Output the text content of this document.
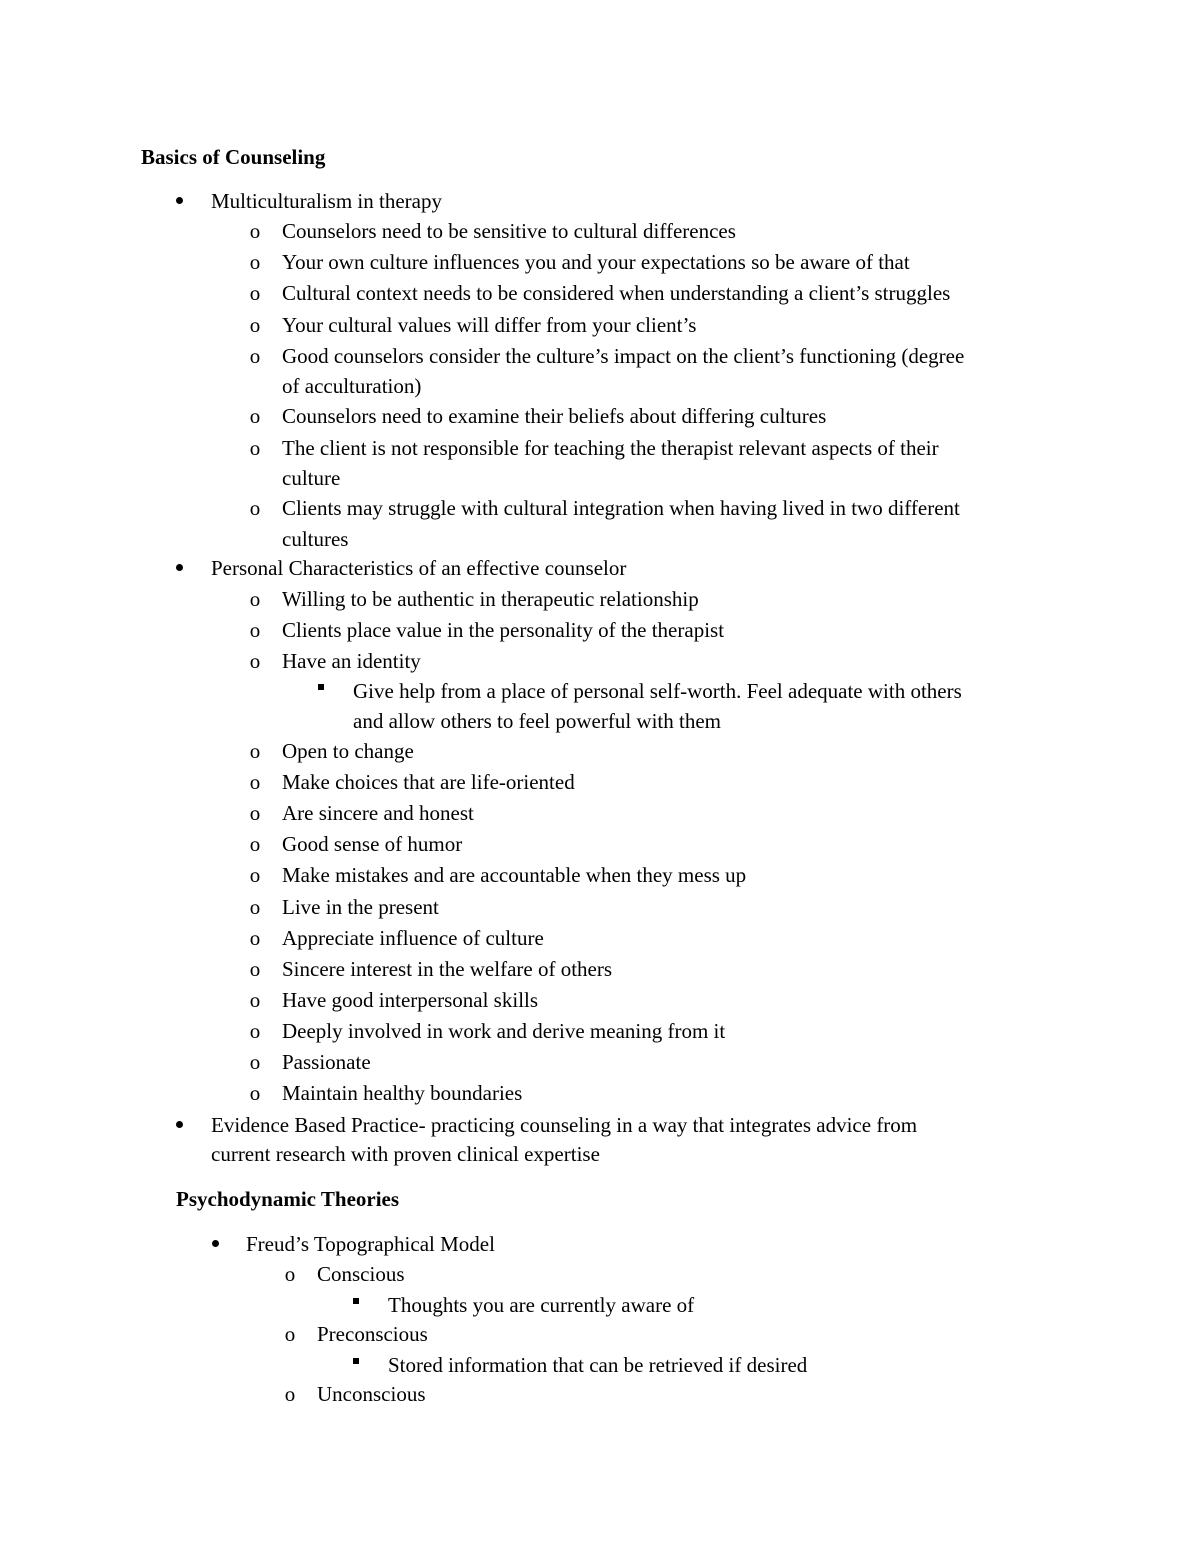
Basics of Counseling
Multiculturalism in therapy
o Counselors need to be sensitive to cultural differences
o Your own culture influences you and your expectations so be aware of that
o Cultural context needs to be considered when understanding a client’s struggles
o Your cultural values will differ from your client’s
o Good counselors consider the culture’s impact on the client’s functioning (degree
of acculturation)
o Counselors need to examine their beliefs about differing cultures
o The client is not responsible for teaching the therapist relevant aspects of their
culture
o Clients may struggle with cultural integration when having lived in two different
cultures
Personal Characteristics of an effective counselor
o Willing to be authentic in therapeutic relationship
o Clients place value in the personality of the therapist
o Have an identity
Give help from a place of personal self-worth. Feel adequate with others
and allow others to feel powerful with them
o Open to change
o Make choices that are life-oriented
o Are sincere and honest
o Good sense of humor
o Make mistakes and are accountable when they mess up
o Live in the present
o Appreciate influence of culture
o Sincere interest in the welfare of others
o Have good interpersonal skills
o Deeply involved in work and derive meaning from it
o Passionate
o Maintain healthy boundaries
Evidence Based Practice- practicing counseling in a way that integrates advice from
current research with proven clinical expertise
Psychodynamic Theories
Freud’s Topographical Model
o Conscious
Thoughts you are currently aware of
o Preconscious
Stored information that can be retrieved if desired
o Unconscious
